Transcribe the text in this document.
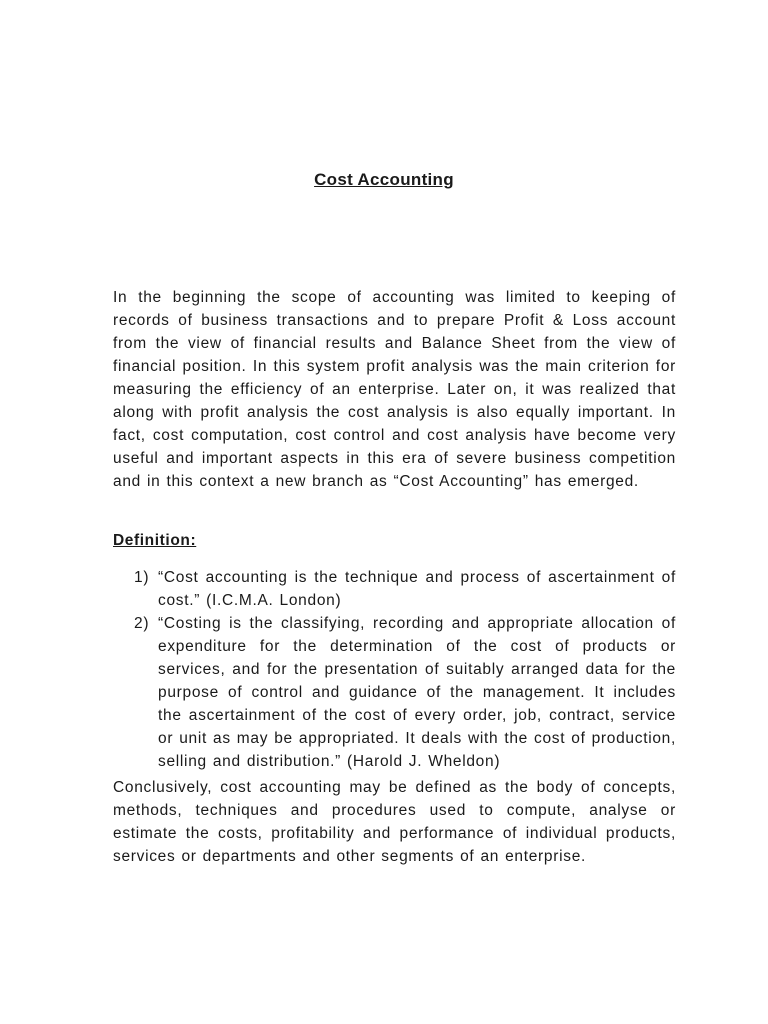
Cost Accounting

In the beginning the scope of accounting was limited to keeping of records of business transactions and to prepare Profit & Loss account from the view of financial results and Balance Sheet from the view of financial position. In this system profit analysis was the main criterion for measuring the efficiency of an enterprise. Later on, it was realized that along with profit analysis the cost analysis is also equally important. In fact, cost computation, cost control and cost analysis have become very useful and important aspects in this era of severe business competition and in this context a new branch as “Cost Accounting” has emerged.

Definition:
1) “Cost accounting is the technique and process of ascertainment of cost.” (I.C.M.A. London)
2) “Costing is the classifying, recording and appropriate allocation of expenditure for the determination of the cost of products or services, and for the presentation of suitably arranged data for the purpose of control and guidance of the management. It includes the ascertainment of the cost of every order, job, contract, service or unit as may be appropriated. It deals with the cost of production, selling and distribution.” (Harold J. Wheldon)

Conclusively, cost accounting may be defined as the body of concepts, methods, techniques and procedures used to compute, analyse or estimate the costs, profitability and performance of individual products, services or departments and other segments of an enterprise.
